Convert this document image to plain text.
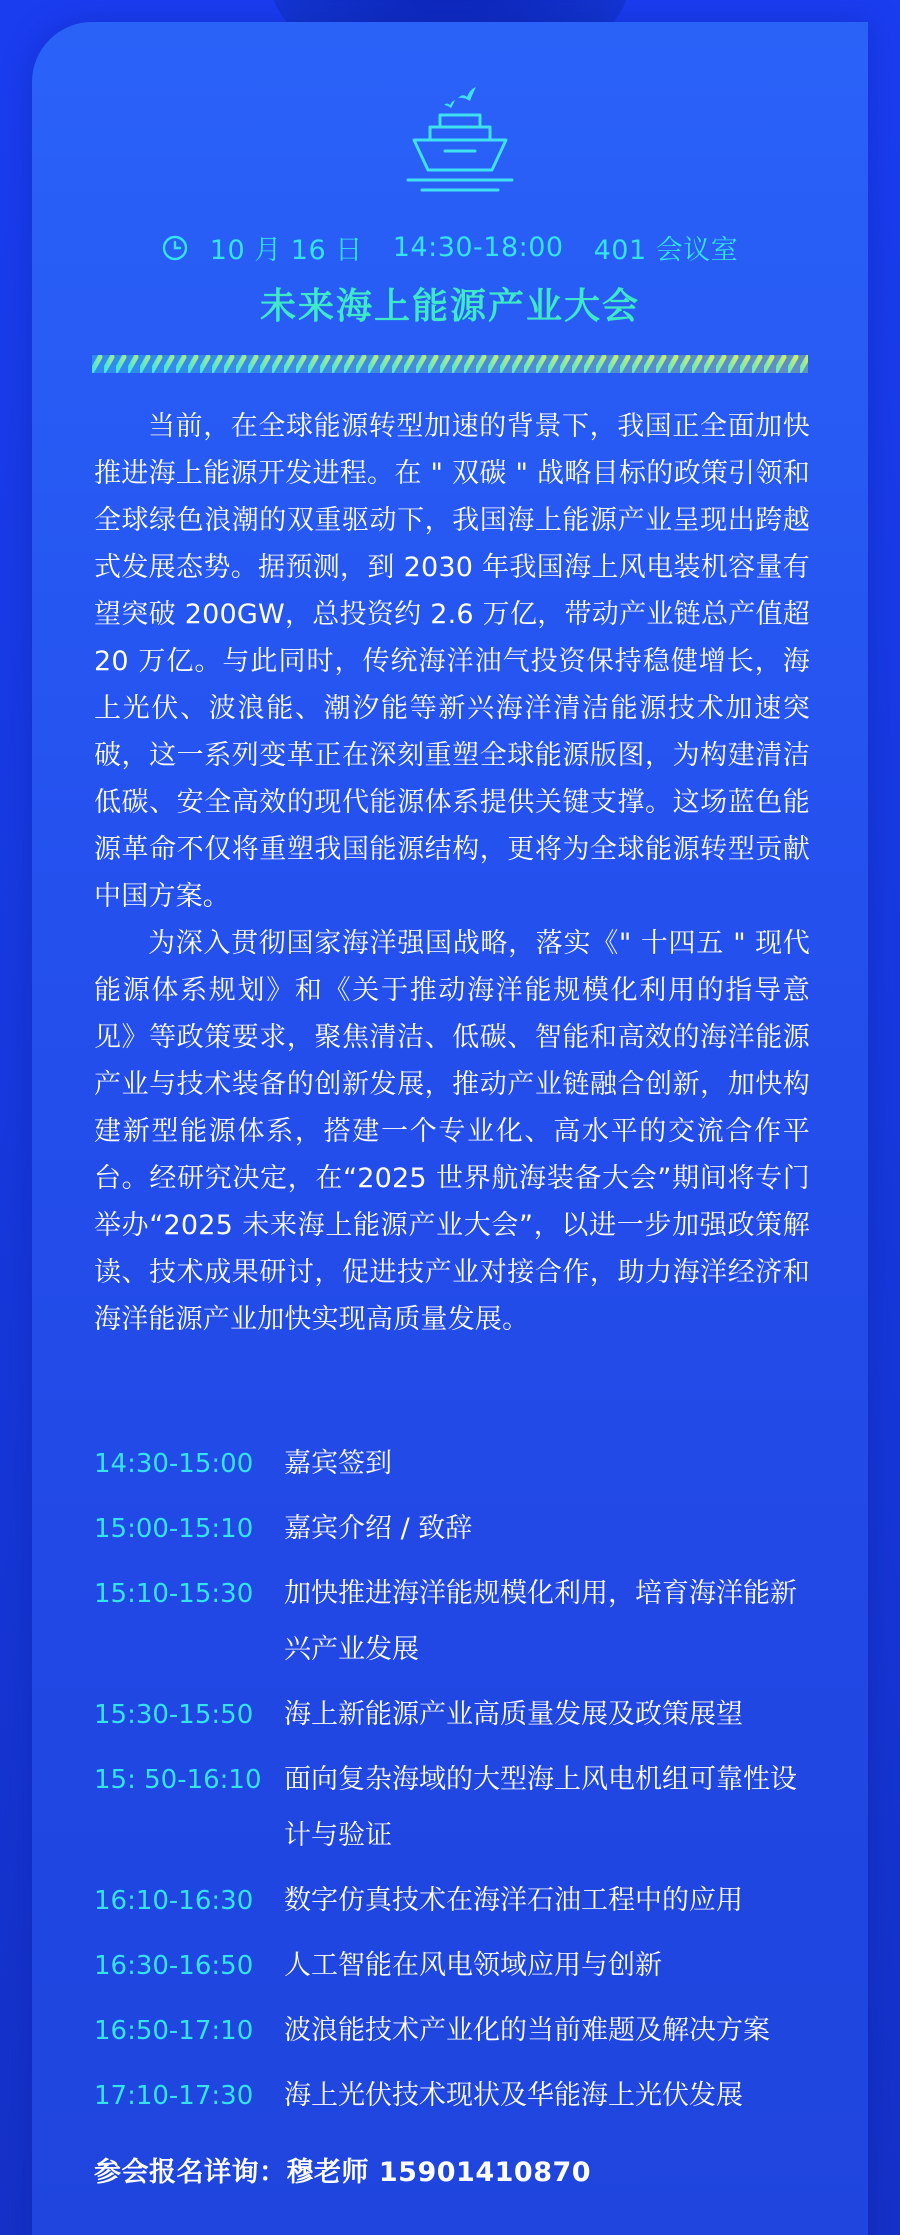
10 月 16 日 14:30-18:00 401 会议室
未来海上能源产业大会

当前，在全球能源转型加速的背景下，我国正全面加快推进海上能源开发进程。在 " 双碳 " 战略目标的政策引领和全球绿色浪潮的双重驱动下，我国海上能源产业呈现出跨越式发展态势。据预测，到 2030 年我国海上风电装机容量有望突破 200GW，总投资约 2.6 万亿，带动产业链总产值超 20 万亿。与此同时，传统海洋油气投资保持稳健增长，海上光伏、波浪能、潮汐能等新兴海洋清洁能源技术加速突破，这一系列变革正在深刻重塑全球能源版图，为构建清洁低碳、安全高效的现代能源体系提供关键支撑。这场蓝色能源革命不仅将重塑我国能源结构，更将为全球能源转型贡献中国方案。

为深入贯彻国家海洋强国战略，落实《" 十四五 " 现代能源体系规划》和《关于推动海洋能规模化利用的指导意见》等政策要求，聚焦清洁、低碳、智能和高效的海洋能源产业与技术装备的创新发展，推动产业链融合创新，加快构建新型能源体系，搭建一个专业化、高水平的交流合作平台。经研究决定，在“2025 世界航海装备大会”期间将专门举办“2025 未来海上能源产业大会”，以进一步加强政策解读、技术成果研讨，促进技产业对接合作，助力海洋经济和海洋能源产业加快实现高质量发展。

14:30-15:00	嘉宾签到
15:00-15:10	嘉宾介绍 / 致辞
15:10-15:30	加快推进海洋能规模化利用，培育海洋能新兴产业发展
15:30-15:50	海上新能源产业高质量发展及政策展望
15: 50-16:10 面向复杂海域的大型海上风电机组可靠性设计与验证
16:10-16:30	数字仿真技术在海洋石油工程中的应用
16:30-16:50	人工智能在风电领域应用与创新
16:50-17:10	波浪能技术产业化的当前难题及解决方案
17:10-17:30	海上光伏技术现状及华能海上光伏发展
参会报名详询：穆老师 15901410870
